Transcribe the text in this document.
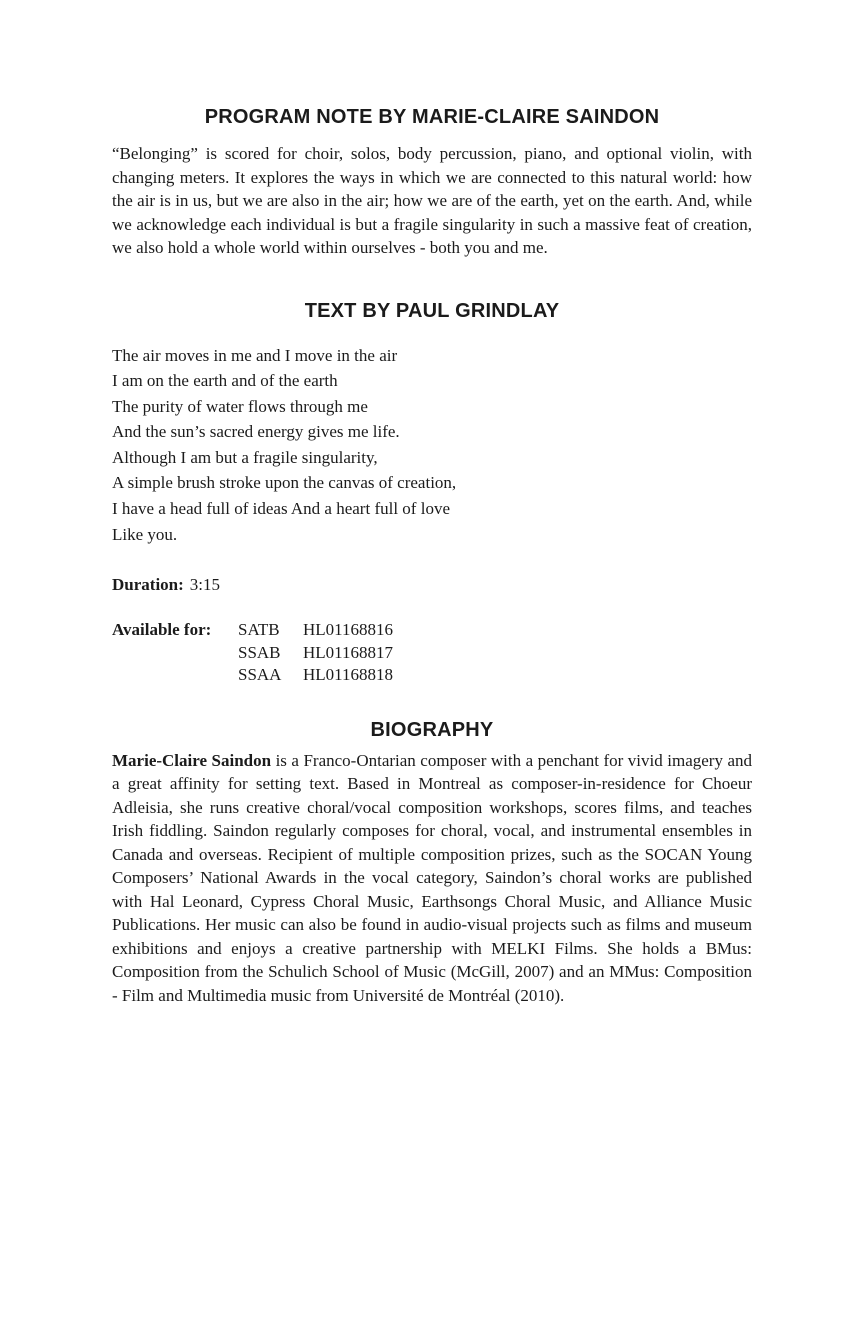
PROGRAM NOTE BY MARIE-CLAIRE SAINDON

“Belonging” is scored for choir, solos, body percussion, piano, and optional violin, with changing meters. It explores the ways in which we are connected to this natural world: how the air is in us, but we are also in the air; how we are of the earth, yet on the earth. And, while we acknowledge each individual is but a fragile singularity in such a massive feat of creation, we also hold a whole world within ourselves - both you and me.

TEXT BY PAUL GRINDLAY
The air moves in me and I move in the air
I am on the earth and of the earth
The purity of water flows through me
And the sun’s sacred energy gives me life.
Although I am but a fragile singularity,
A simple brush stroke upon the canvas of creation,
I have a head full of ideas And a heart full of love
Like you.
Duration: 3:15
Available for:	SATB	HL01168816
SSAB	HL01168817
SSAA	HL01168818
BIOGRAPHY

Marie-Claire Saindon is a Franco-Ontarian composer with a penchant for vivid imagery and a great affinity for setting text. Based in Montreal as composer-in-residence for Choeur Adleisia, she runs creative choral/vocal composition workshops, scores films, and teaches Irish fiddling. Saindon regularly composes for choral, vocal, and instrumental ensembles in Canada and overseas. Recipient of multiple composition prizes, such as the SOCAN Young Composers’ National Awards in the vocal category, Saindon’s choral works are published with Hal Leonard, Cypress Choral Music, Earthsongs Choral Music, and Alliance Music Publications. Her music can also be found in audio-visual projects such as films and museum exhibitions and enjoys a creative partnership with MELKI Films. She holds a BMus: Composition from the Schulich School of Music (McGill, 2007) and an MMus: Composition - Film and Multimedia music from Université de Montréal (2010).
